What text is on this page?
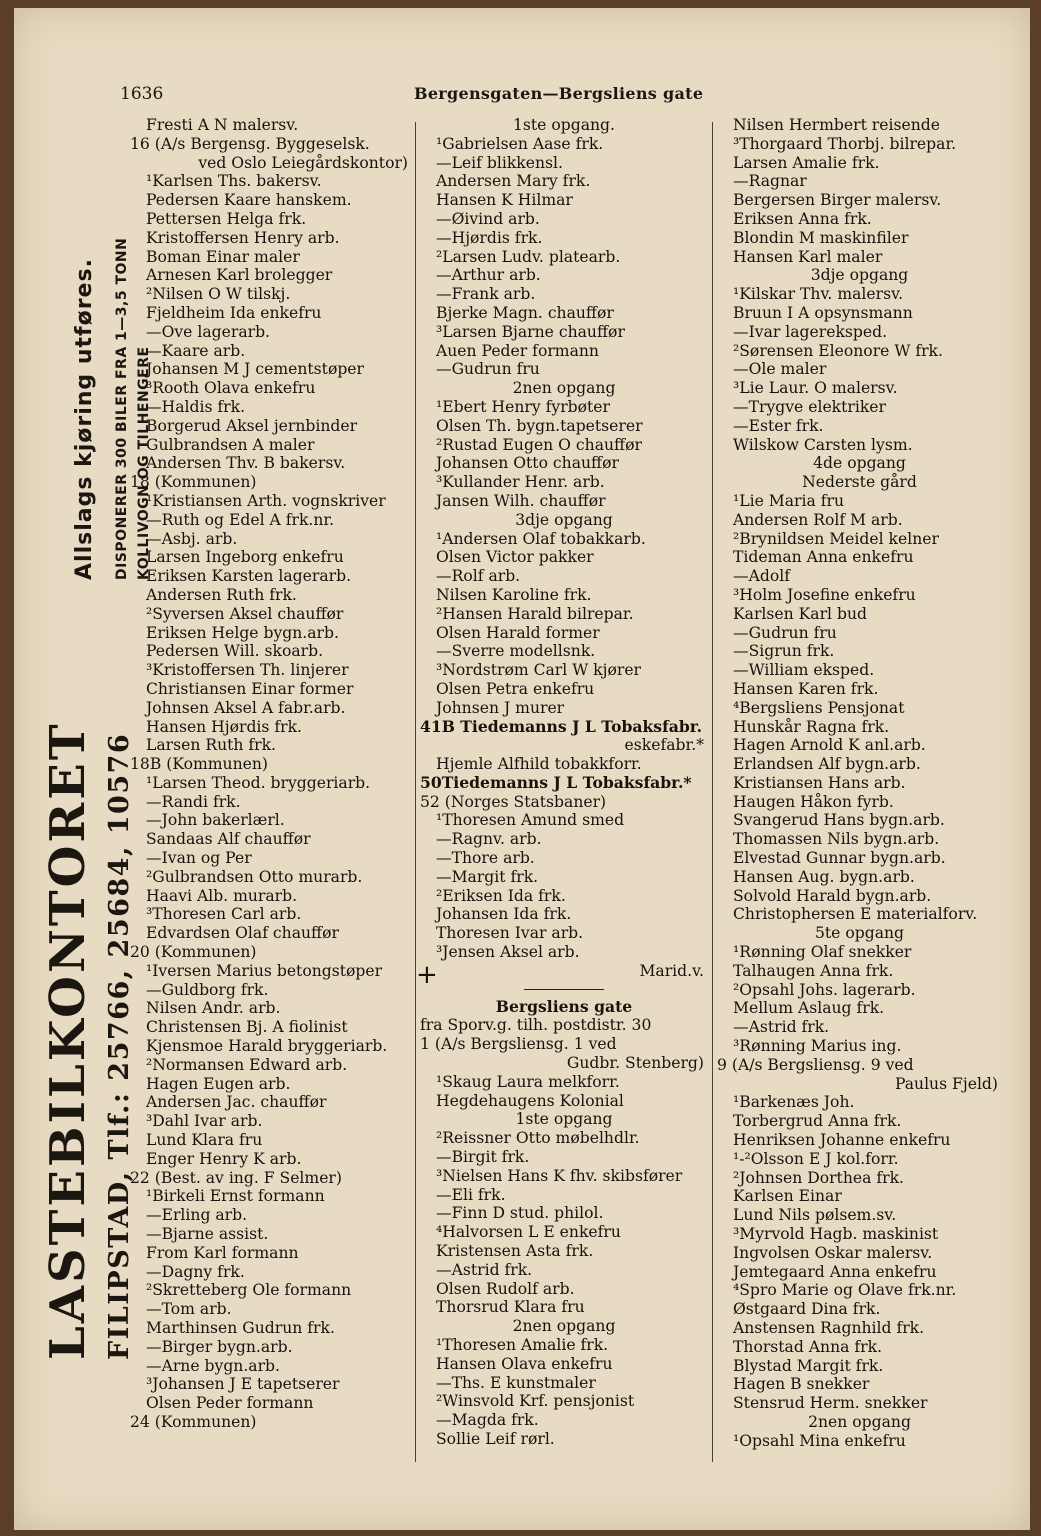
1636	Bergensgaten—Bergsliens gate
LASTEBILKONTORET FILIPSTAD, Tlf.: 25766, 25684, 10576
Allslags kjøring utføres. DISPONERER 300 BILER FRA 1—3,5 TONN KOLLIVOGN OG TILHENGERE
Fresti A N malersv.
16 (A/s Bergensg. Byggeselsk.
ved Oslo Leiegårdskontor)
¹Karlsen Ths. bakersv.
Pedersen Kaare hanskem.
Pettersen Helga frk.
Kristoffersen Henry arb.
Boman Einar maler
Arnesen Karl brolegger
²Nilsen O W tilskj.
Fjeldheim Ida enkefru
—Ove lagerarb.
—Kaare arb.
Johansen M J cementstøper
³Rooth Olava enkefru
—Haldis frk.
Borgerud Aksel jernbinder
Gulbrandsen A maler
Andersen Thv. B bakersv.
18 (Kommunen)
¹Kristiansen Arth. vognskriver
—Ruth og Edel A frk.nr.
—Asbj. arb.
Larsen Ingeborg enkefru
Eriksen Karsten lagerarb.
Andersen Ruth frk.
²Syversen Aksel chauffør
Eriksen Helge bygn.arb.
Pedersen Will. skoarb.
³Kristoffersen Th. linjerer
Christiansen Einar former
Johnsen Aksel A fabr.arb.
Hansen Hjørdis frk.
Larsen Ruth frk.
18B (Kommunen)
¹Larsen Theod. bryggeriarb.
—Randi frk.
—John bakerlærl.
Sandaas Alf chauffør
—Ivan og Per
²Gulbrandsen Otto murarb.
Haavi Alb. murarb.
³Thoresen Carl arb.
Edvardsen Olaf chauffør
20 (Kommunen)
¹Iversen Marius betongstøper
—Guldborg frk.
Nilsen Andr. arb.
Christensen Bj. A fiolinist
Kjensmoe Harald bryggeriarb.
²Normansen Edward arb.
Hagen Eugen arb.
Andersen Jac. chauffør
³Dahl Ivar arb.
Lund Klara fru
Enger Henry K arb.
22 (Best. av ing. F Selmer)
¹Birkeli Ernst formann
—Erling arb.
—Bjarne assist.
From Karl formann
—Dagny frk.
²Skretteberg Ole formann
—Tom arb.
Marthinsen Gudrun frk.
—Birger bygn.arb.
—Arne bygn.arb.
³Johansen J E tapetserer
Olsen Peder formann
24 (Kommunen)
1ste opgang.
¹Gabrielsen Aase frk.
—Leif blikkensl.
Andersen Mary frk.
Hansen K Hilmar
—Øivind arb.
—Hjørdis frk.
²Larsen Ludv. platearb.
—Arthur arb.
—Frank arb.
Bjerke Magn. chauffør
³Larsen Bjarne chauffør
Auen Peder formann
—Gudrun fru
2nen opgang
¹Ebert Henry fyrbøter
Olsen Th. bygn.tapetserer
²Rustad Eugen O chauffør
Johansen Otto chauffør
³Kullander Henr. arb.
Jansen Wilh. chauffør
3dje opgang
¹Andersen Olaf tobakkarb.
Olsen Victor pakker
—Rolf arb.
Nilsen Karoline frk.
²Hansen Harald bilrepar.
Olsen Harald former
—Sverre modellsnk.
³Nordstrøm Carl W kjører
Olsen Petra enkefru
Johnsen J murer
41B Tiedemanns J L Tobaksfabr.
eskefabr.*
Hjemle Alfhild tobakkforr.
50Tiedemanns J L Tobaksfabr.*
52 (Norges Statsbaner)
¹Thoresen Amund smed
—Ragnv. arb.
—Thore arb.
—Margit frk.
²Eriksen Ida frk.
Johansen Ida frk.
Thoresen Ivar arb.
³Jensen Aksel arb.
Marid.v.
Bergsliens gate
fra Sporv.g. tilh. postdistr. 30
1 (A/s Bergsliensg. 1 ved
Gudbr. Stenberg)
¹Skaug Laura melkforr.
Hegdehaugens Kolonial
1ste opgang
²Reissner Otto møbelhdlr.
—Birgit frk.
³Nielsen Hans K fhv. skibsfører
—Eli frk.
—Finn D stud. philol.
⁴Halvorsen L E enkefru
Kristensen Asta frk.
—Astrid frk.
Olsen Rudolf arb.
Thorsrud Klara fru
2nen opgang
¹Thoresen Amalie frk.
Hansen Olava enkefru
—Ths. E kunstmaler
²Winsvold Krf. pensjonist
—Magda frk.
Sollie Leif rørl.
Nilsen Hermbert reisende
³Thorgaard Thorbj. bilrepar.
Larsen Amalie frk.
—Ragnar
Bergersen Birger malersv.
Eriksen Anna frk.
Blondin M maskinfiler
Hansen Karl maler
3dje opgang
¹Kilskar Thv. malersv.
Bruun I A opsynsmann
—Ivar lagereksped.
²Sørensen Eleonore W frk.
—Ole maler
³Lie Laur. O malersv.
—Trygve elektriker
—Ester frk.
Wilskow Carsten lysm.
4de opgang
Nederste gård
¹Lie Maria fru
Andersen Rolf M arb.
²Brynildsen Meidel kelner
Tideman Anna enkefru
—Adolf
³Holm Josefine enkefru
Karlsen Karl bud
—Gudrun fru
—Sigrun frk.
—William eksped.
Hansen Karen frk.
⁴Bergsliens Pensjonat
Hunskår Ragna frk.
Hagen Arnold K anl.arb.
Erlandsen Alf bygn.arb.
Kristiansen Hans arb.
Haugen Håkon fyrb.
Svangerud Hans bygn.arb.
Thomassen Nils bygn.arb.
Elvestad Gunnar bygn.arb.
Hansen Aug. bygn.arb.
Solvold Harald bygn.arb.
Christophersen E materialforv.
5te opgang
¹Rønning Olaf snekker
Talhaugen Anna frk.
²Opsahl Johs. lagerarb.
Mellum Aslaug frk.
—Astrid frk.
³Rønning Marius ing.
9 (A/s Bergsliensg. 9 ved
Paulus Fjeld)
¹Barkenæs Joh.
Torbergrud Anna frk.
Henriksen Johanne enkefru
¹-²Olsson E J kol.forr.
²Johnsen Dorthea frk.
Karlsen Einar
Lund Nils pølsem.sv.
³Myrvold Hagb. maskinist
Ingvolsen Oskar malersv.
Jemtegaard Anna enkefru
⁴Spro Marie og Olave frk.nr.
Østgaard Dina frk.
Anstensen Ragnhild frk.
Thorstad Anna frk.
Blystad Margit frk.
Hagen B snekker
Stensrud Herm. snekker
2nen opgang
¹Opsahl Mina enkefru
+
